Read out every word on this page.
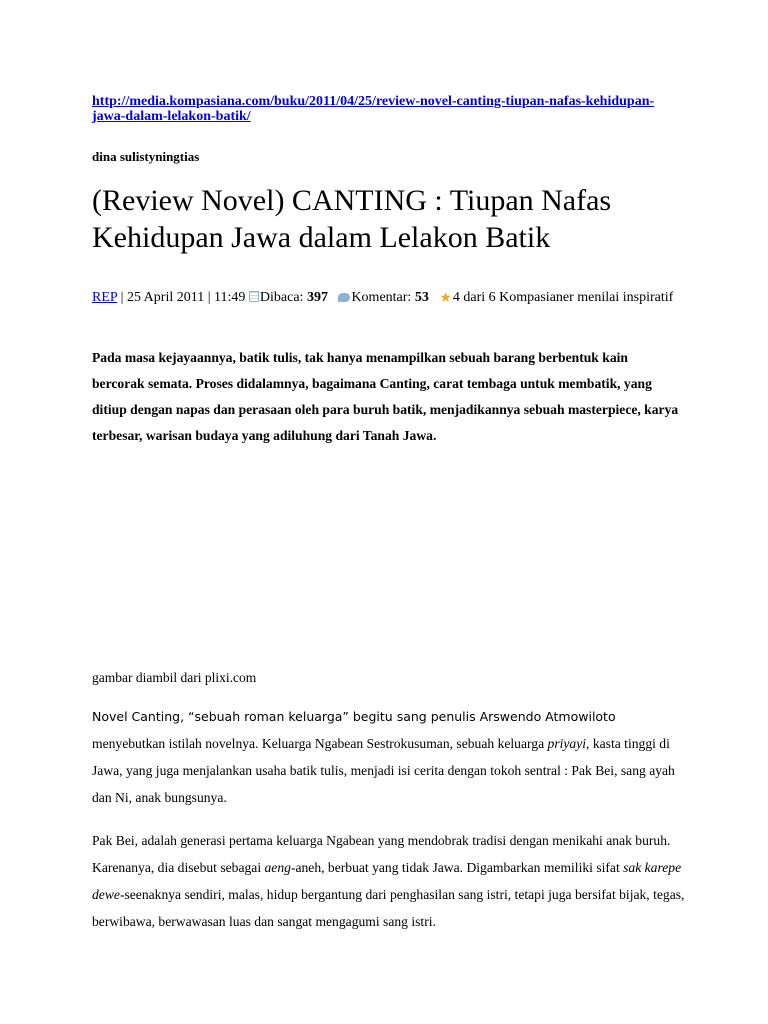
http://media.kompasiana.com/buku/2011/04/25/review-novel-canting-tiupan-nafas-kehidupan-jawa-dalam-lelakon-batik/
dina sulistyningtias
(Review Novel) CANTING : Tiupan Nafas Kehidupan Jawa dalam Lelakon Batik
REP | 25 April 2011 | 11:49 Dibaca: 397 Komentar: 53 ★4 dari 6 Kompasianer menilai inspiratif
Pada masa kejayaannya, batik tulis, tak hanya menampilkan sebuah barang berbentuk kain bercorak semata. Proses didalamnya, bagaimana Canting, carat tembaga untuk membatik, yang ditiup dengan napas dan perasaan oleh para buruh batik, menjadikannya sebuah masterpiece, karya terbesar, warisan budaya yang adiluhung dari Tanah Jawa.
gambar diambil dari plixi.com
Novel Canting, “sebuah roman keluarga” begitu sang penulis Arswendo Atmowiloto
menyebutkan istilah novelnya. Keluarga Ngabean Sestrokusuman, sebuah keluarga priyayi, kasta tinggi di Jawa, yang juga menjalankan usaha batik tulis, menjadi isi cerita dengan tokoh sentral : Pak Bei, sang ayah dan Ni, anak bungsunya.
Pak Bei, adalah generasi pertama keluarga Ngabean yang mendobrak tradisi dengan menikahi anak buruh. Karenanya, dia disebut sebagai aeng-aneh, berbuat yang tidak Jawa. Digambarkan memiliki sifat sak karepe dewe-seenaknya sendiri, malas, hidup bergantung dari penghasilan sang istri, tetapi juga bersifat bijak, tegas, berwibawa, berwawasan luas dan sangat mengagumi sang istri.
